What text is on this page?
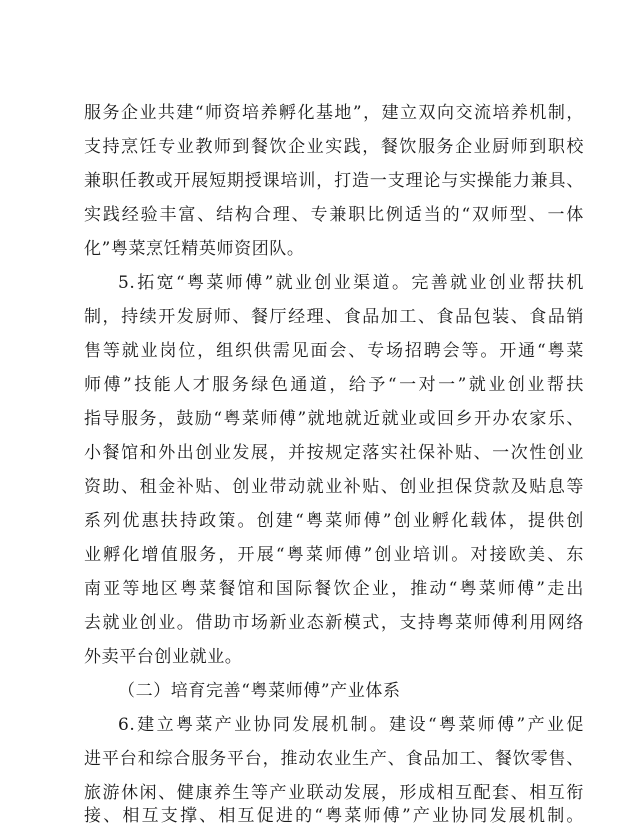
服务企业共建“师资培养孵化基地”，建立双向交流培养机制，
支持烹饪专业教师到餐饮企业实践，餐饮服务企业厨师到职校
兼职任教或开展短期授课培训，打造一支理论与实操能力兼具、
实践经验丰富、结构合理、专兼职比例适当的“双师型、一体
化”粤菜烹饪精英师资团队。
5.拓宽“粤菜师傅”就业创业渠道。完善就业创业帮扶机
制，持续开发厨师、餐厅经理、食品加工、食品包装、食品销
售等就业岗位，组织供需见面会、专场招聘会等。开通“粤菜
师傅”技能人才服务绿色通道，给予“一对一”就业创业帮扶
指导服务，鼓励“粤菜师傅”就地就近就业或回乡开办农家乐、
小餐馆和外出创业发展，并按规定落实社保补贴、一次性创业
资助、租金补贴、创业带动就业补贴、创业担保贷款及贴息等
系列优惠扶持政策。创建“粤菜师傅”创业孵化载体，提供创
业孵化增值服务，开展“粤菜师傅”创业培训。对接欧美、东
南亚等地区粤菜餐馆和国际餐饮企业，推动“粤菜师傅”走出
去就业创业。借助市场新业态新模式，支持粤菜师傅利用网络
外卖平台创业就业。
（二）培育完善“粤菜师傅”产业体系
6.建立粤菜产业协同发展机制。建设“粤菜师傅”产业促
进平台和综合服务平台，推动农业生产、食品加工、餐饮零售、
旅游休闲、健康养生等产业联动发展，形成相互配套、相互衔
接、相互支撑、相互促进的“粤菜师傅”产业协同发展机制。
